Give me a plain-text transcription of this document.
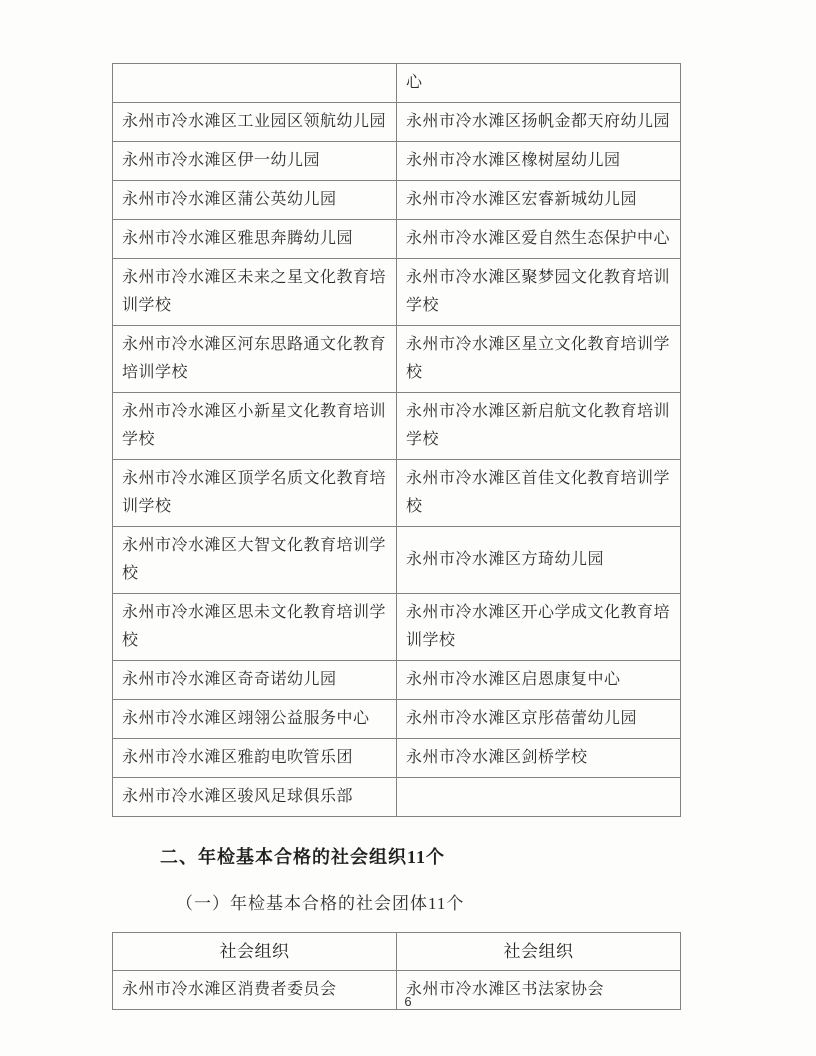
	心
永州市冷水滩区工业园区领航幼儿园	永州市冷水滩区扬帆金都天府幼儿园
永州市冷水滩区伊一幼儿园	永州市冷水滩区橡树屋幼儿园
永州市冷水滩区蒲公英幼儿园	永州市冷水滩区宏睿新城幼儿园
永州市冷水滩区雅思奔腾幼儿园	永州市冷水滩区爱自然生态保护中心
永州市冷水滩区未来之星文化教育培训学校	永州市冷水滩区聚梦园文化教育培训学校
永州市冷水滩区河东思路通文化教育培训学校	永州市冷水滩区星立文化教育培训学校
永州市冷水滩区小新星文化教育培训学校	永州市冷水滩区新启航文化教育培训学校
永州市冷水滩区顶学名质文化教育培训学校	永州市冷水滩区首佳文化教育培训学校
永州市冷水滩区大智文化教育培训学校	永州市冷水滩区方琦幼儿园
永州市冷水滩区思未文化教育培训学校	永州市冷水滩区开心学成文化教育培训学校
永州市冷水滩区奇奇诺幼儿园	永州市冷水滩区启恩康复中心
永州市冷水滩区翊翎公益服务中心	永州市冷水滩区京彤蓓蕾幼儿园
永州市冷水滩区雅韵电吹管乐团	永州市冷水滩区剑桥学校
永州市冷水滩区骏风足球俱乐部	
二、年检基本合格的社会组织11个
（一）年检基本合格的社会团体11个
社会组织	社会组织
永州市冷水滩区消费者委员会	永州市冷水滩区书法家协会
6
